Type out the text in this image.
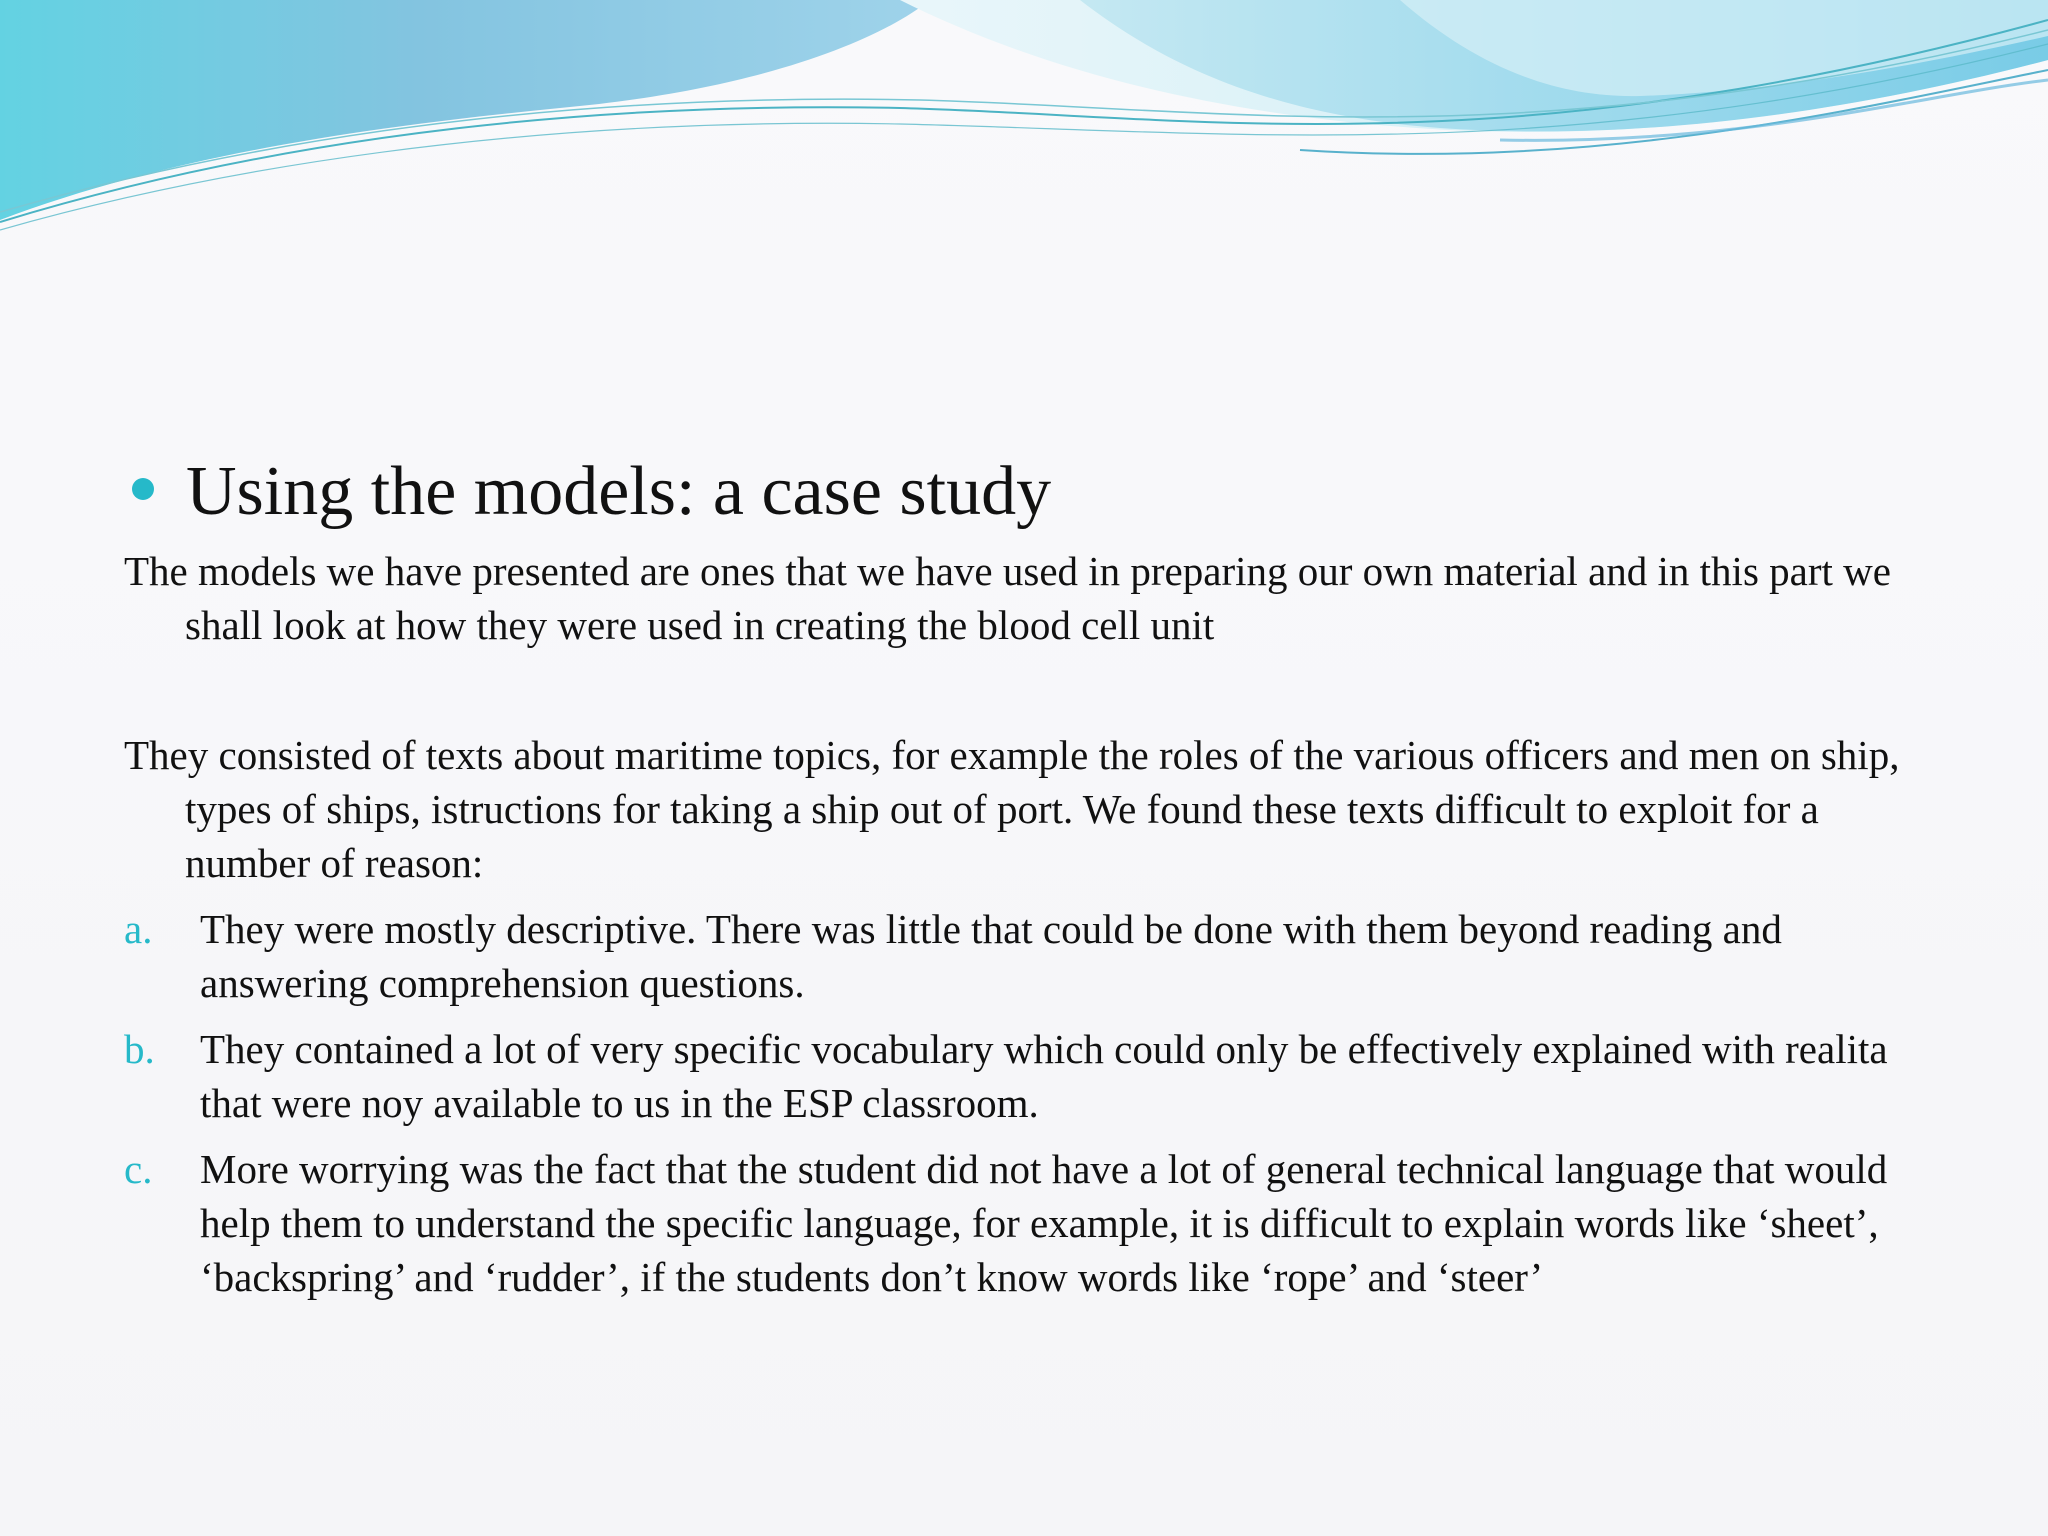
Using the models: a case study

The models we have presented are ones that we have used in preparing our own material and in this part we shall look at how they were used in creating the blood cell unit

They consisted of texts about maritime topics, for example the roles of the various officers and men on ship, types of ships, istructions for taking a ship out of port. We found these texts difficult to exploit for a number of reason:

a. They were mostly descriptive. There was little that could be done with them beyond reading and answering comprehension questions.
b. They contained a lot of very specific vocabulary which could only be effectively explained with realita that were noy available to us in the ESP classroom.
c. More worrying was the fact that the student did not have a lot of general technical language that would help them to understand the specific language, for example, it is difficult to explain words like ‘sheet’, ‘backspring’ and ‘rudder’, if the students don’t know words like ‘rope’ and ‘steer’
